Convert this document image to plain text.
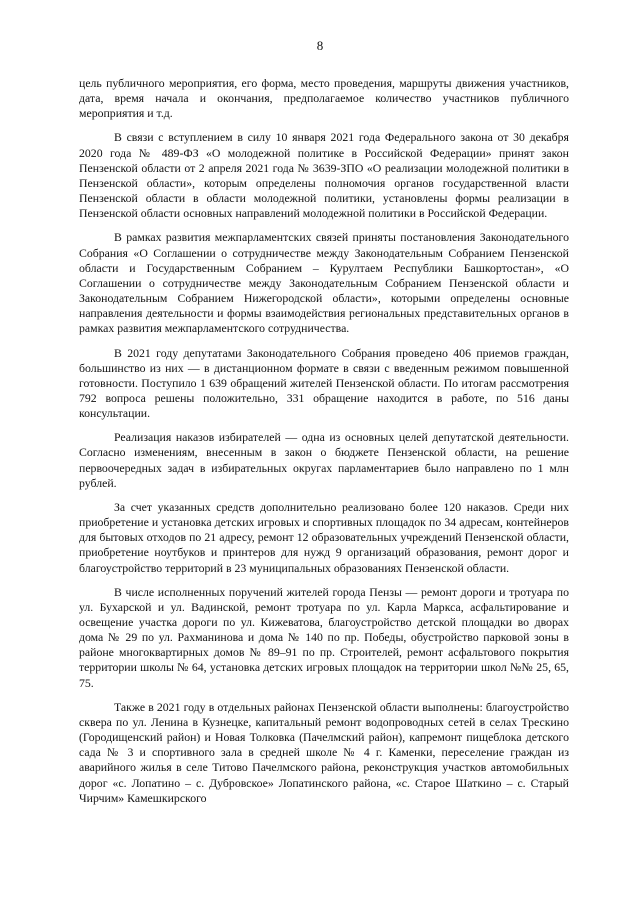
8

цель публичного мероприятия, его форма, место проведения, маршруты движения участников, дата, время начала и окончания, предполагаемое количество участников публичного мероприятия и т.д.

В связи с вступлением в силу 10 января 2021 года Федерального закона от 30 декабря 2020 года № 489-ФЗ «О молодежной политике в Российской Федерации» принят закон Пензенской области от 2 апреля 2021 года № 3639-ЗПО «О реализации молодежной политики в Пензенской области», которым определены полномочия органов государственной власти Пензенской области в области молодежной политики, установлены формы реализации в Пензенской области основных направлений молодежной политики в Российской Федерации.

В рамках развития межпарламентских связей приняты постановления Законодательного Собрания «О Соглашении о сотрудничестве между Законодательным Собранием Пензенской области и Государственным Собранием – Курултаем Республики Башкортостан», «О Соглашении о сотрудничестве между Законодательным Собранием Пензенской области и Законодательным Собранием Нижегородской области», которыми определены основные направления деятельности и формы взаимодействия региональных представительных органов в рамках развития межпарламентского сотрудничества.

В 2021 году депутатами Законодательного Собрания проведено 406 приемов граждан, большинство из них — в дистанционном формате в связи с введенным режимом повышенной готовности. Поступило 1 639 обращений жителей Пензенской области. По итогам рассмотрения 792 вопроса решены положительно, 331 обращение находится в работе, по 516 даны консультации.

Реализация наказов избирателей — одна из основных целей депутатской деятельности. Согласно изменениям, внесенным в закон о бюджете Пензенской области, на решение первоочередных задач в избирательных округах парламентариев было направлено по 1 млн рублей.

За счет указанных средств дополнительно реализовано более 120 наказов. Среди них приобретение и установка детских игровых и спортивных площадок по 34 адресам, контейнеров для бытовых отходов по 21 адресу, ремонт 12 образовательных учреждений Пензенской области, приобретение ноутбуков и принтеров для нужд 9 организаций образования, ремонт дорог и благоустройство территорий в 23 муниципальных образованиях Пензенской области.

В числе исполненных поручений жителей города Пензы — ремонт дороги и тротуара по ул. Бухарской и ул. Вадинской, ремонт тротуара по ул. Карла Маркса, асфальтирование и освещение участка дороги по ул. Кижеватова, благоустройство детской площадки во дворах дома № 29 по ул. Рахманинова и дома № 140 по пр. Победы, обустройство парковой зоны в районе многоквартирных домов № 89–91 по пр. Строителей, ремонт асфальтового покрытия территории школы № 64, установка детских игровых площадок на территории школ №№ 25, 65, 75.

Также в 2021 году в отдельных районах Пензенской области выполнены: благоустройство сквера по ул. Ленина в Кузнецке, капитальный ремонт водопроводных сетей в селах Трескино (Городищенский район) и Новая Толковка (Пачелмский район), капремонт пищеблока детского сада № 3 и спортивного зала в средней школе № 4 г. Каменки, переселение граждан из аварийного жилья в селе Титово Пачелмского района, реконструкция участков автомобильных дорог «с. Лопатино – с. Дубровское» Лопатинского района, «с. Старое Шаткино – с. Старый Чирчим» Камешкирского
